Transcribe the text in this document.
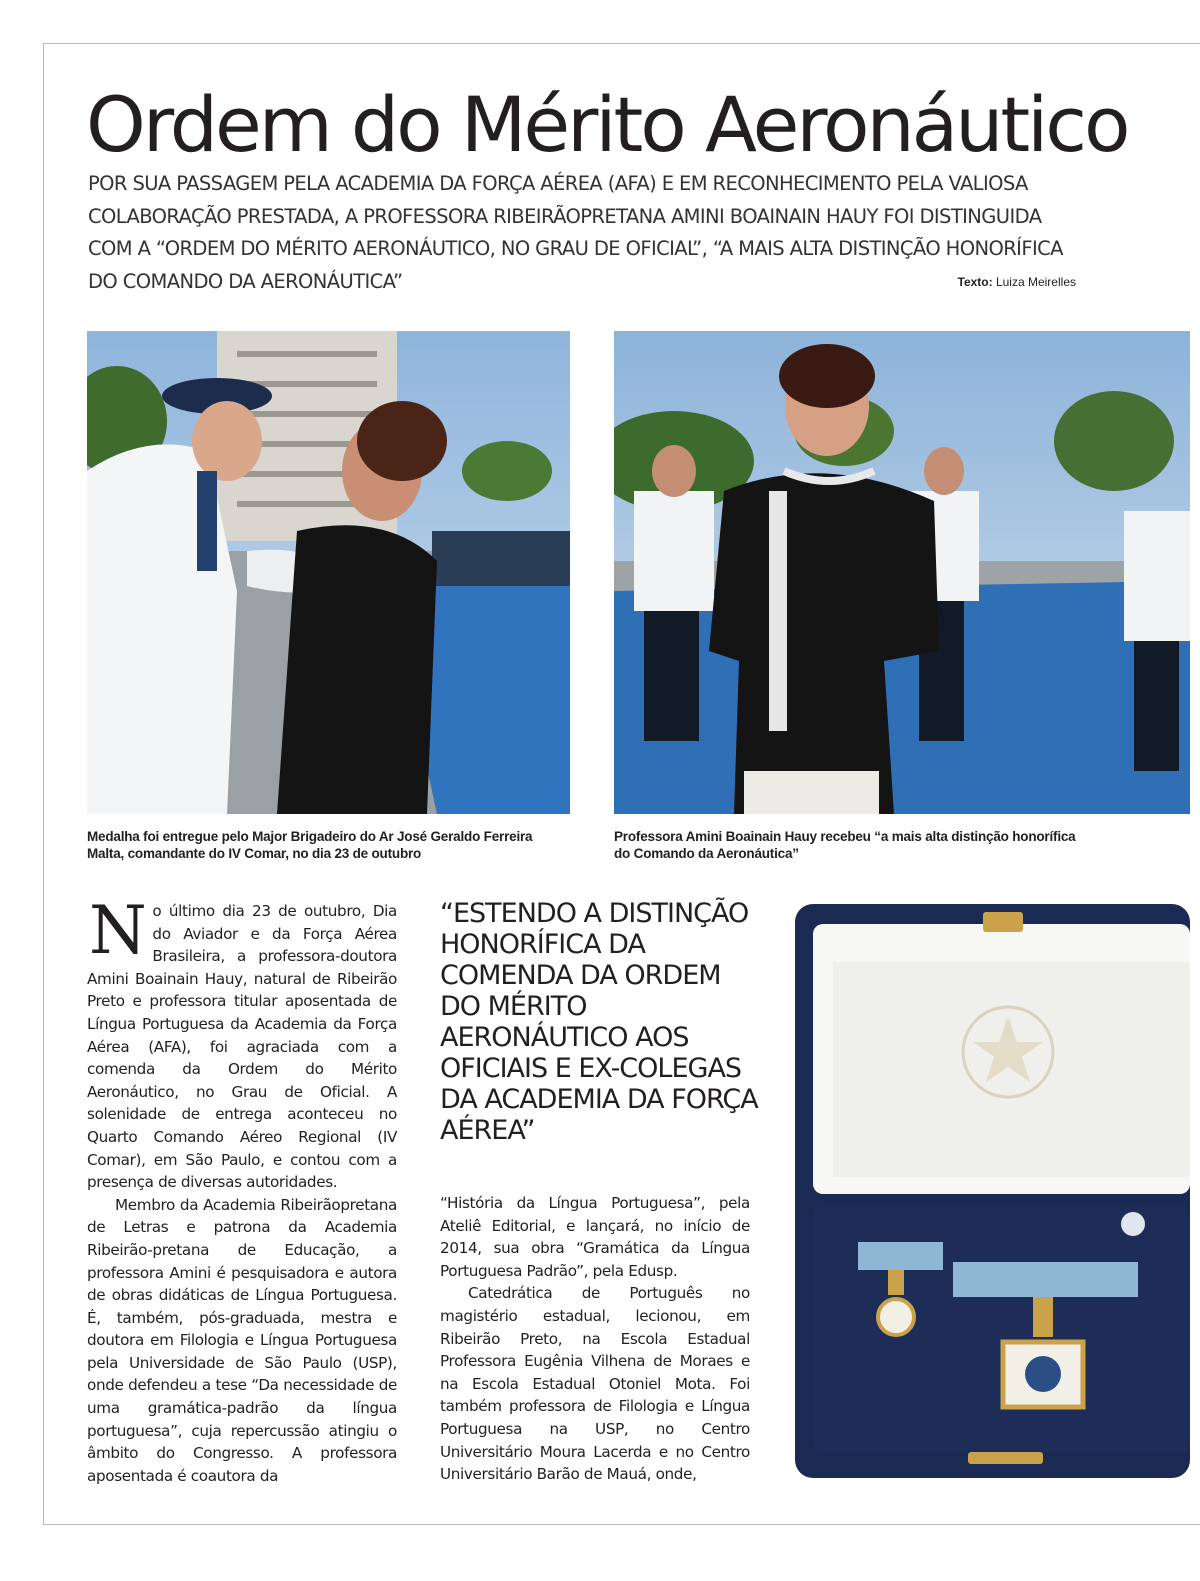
Ordem do Mérito Aeronáutico
POR SUA PASSAGEM PELA ACADEMIA DA FORÇA AÉREA (AFA) E EM RECONHECIMENTO PELA VALIOSA COLABORAÇÃO PRESTADA, A PROFESSORA RIBEIRÃOPRETANA AMINI BOAINAIN HAUY FOI DISTINGUIDA COM A “ORDEM DO MÉRITO AERONÁUTICO, NO GRAU DE OFICIAL”, “A MAIS ALTA DISTINÇÃO HONORÍFICA DO COMANDO DA AERONÁUTICA”	Texto: Luiza Meirelles
Medalha foi entregue pelo Major Brigadeiro do Ar José Geraldo Ferreira Malta, comandante do IV Comar, no dia 23 de outubro
Professora Amini Boainain Hauy recebeu “a mais alta distinção honorífica do Comando da Aeronáutica”

No último dia 23 de outubro, Dia do Aviador e da Força Aérea Brasileira, a professora-doutora Amini Boainain Hauy, natural de Ribeirão Preto e professora titular aposentada de Língua Portuguesa da Academia da Força Aérea (AFA), foi agraciada com a comenda da Ordem do Mérito Aeronáutico, no Grau de Oficial. A solenidade de entrega aconteceu no Quarto Comando Aéreo Regional (IV Comar), em São Paulo, e contou com a presença de diversas autoridades.

Membro da Academia Ribeirãopretana de Letras e patrona da Academia Ribeirão-pretana de Educação, a professora Amini é pesquisadora e autora de obras didáticas de Língua Portuguesa. É, também, pós-graduada, mestra e doutora em Filologia e Língua Portuguesa pela Universidade de São Paulo (USP), onde defendeu a tese “Da necessidade de uma gramática-padrão da língua portuguesa”, cuja repercussão atingiu o âmbito do Congresso. A professora aposentada é coautora da

“ESTENDO A DISTINÇÃO HONORÍFICA DA COMENDA DA ORDEM DO MÉRITO AERONÁUTICO AOS OFICIAIS E EX-COLEGAS DA ACADEMIA DA FORÇA AÉREA”

“História da Língua Portuguesa”, pela Ateliê Editorial, e lançará, no início de 2014, sua obra “Gramática da Língua Portuguesa Padrão”, pela Edusp.

Catedrática de Português no magistério estadual, lecionou, em Ribeirão Preto, na Escola Estadual Professora Eugênia Vilhena de Moraes e na Escola Estadual Otoniel Mota. Foi também professora de Filologia e Língua Portuguesa na USP, no Centro Universitário Moura Lacerda e no Centro Universitário Barão de Mauá, onde,
